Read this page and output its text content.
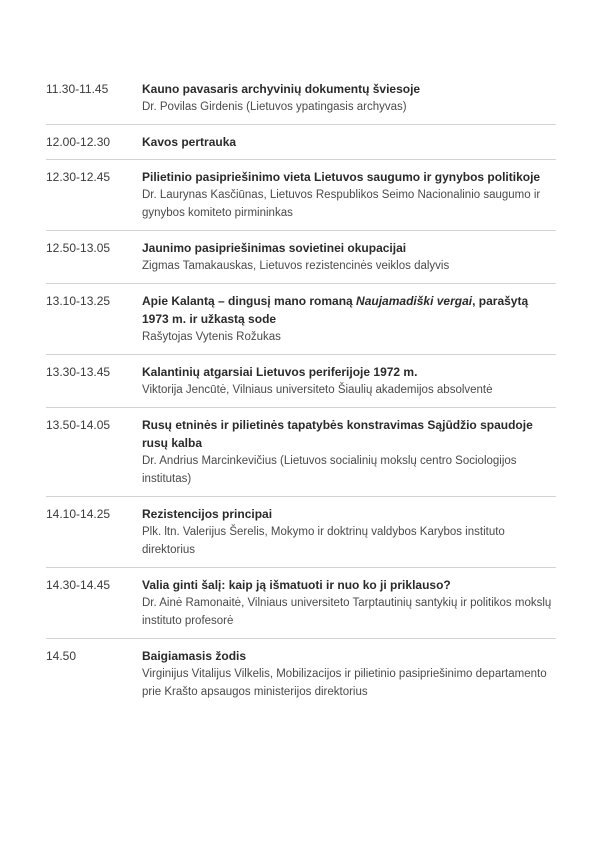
11.30-11.45	Kauno pavasaris archyvinių dokumentų šviesoje
Dr. Povilas Girdenis (Lietuvos ypatingasis archyvas)
12.00-12.30	Kavos pertrauka
12.30-12.45	Pilietinio pasipriešinimo vieta Lietuvos saugumo ir gynybos politikoje
Dr. Laurynas Kasčiūnas, Lietuvos Respublikos Seimo Nacionalinio saugumo ir gynybos komiteto pirmininkas
12.50-13.05	Jaunimo pasipriešinimas sovietinei okupacijai
Zigmas Tamakauskas, Lietuvos rezistencinės veiklos dalyvis
13.10-13.25	Apie Kalantą – dingusį mano romaną Naujamadiški vergai, parašytą 1973 m. ir užkastą sode
Rašytojas Vytenis Rožukas
13.30-13.45	Kalantinių atgarsiai Lietuvos periferijoje 1972 m.
Viktorija Jencūtė, Vilniaus universiteto Šiaulių akademijos absolventė
13.50-14.05	Rusų etninės ir pilietinės tapatybės konstravimas Sąjūdžio spaudoje rusų kalba
Dr. Andrius Marcinkevičius (Lietuvos socialinių mokslų centro Sociologijos institutas)
14.10-14.25	Rezistencijos principai
Plk. ltn. Valerijus Šerelis, Mokymo ir doktrinų valdybos Karybos instituto direktorius
14.30-14.45	Valia ginti šalį: kaip ją išmatuoti ir nuo ko ji priklauso?
Dr. Ainė Ramonaitė, Vilniaus universiteto Tarptautinių santykių ir politikos mokslų instituto profesorė
14.50	Baigiamasis žodis
Virginijus Vitalijus Vilkelis, Mobilizacijos ir pilietinio pasipriešinimo departamento prie Krašto apsaugos ministerijos direktorius
